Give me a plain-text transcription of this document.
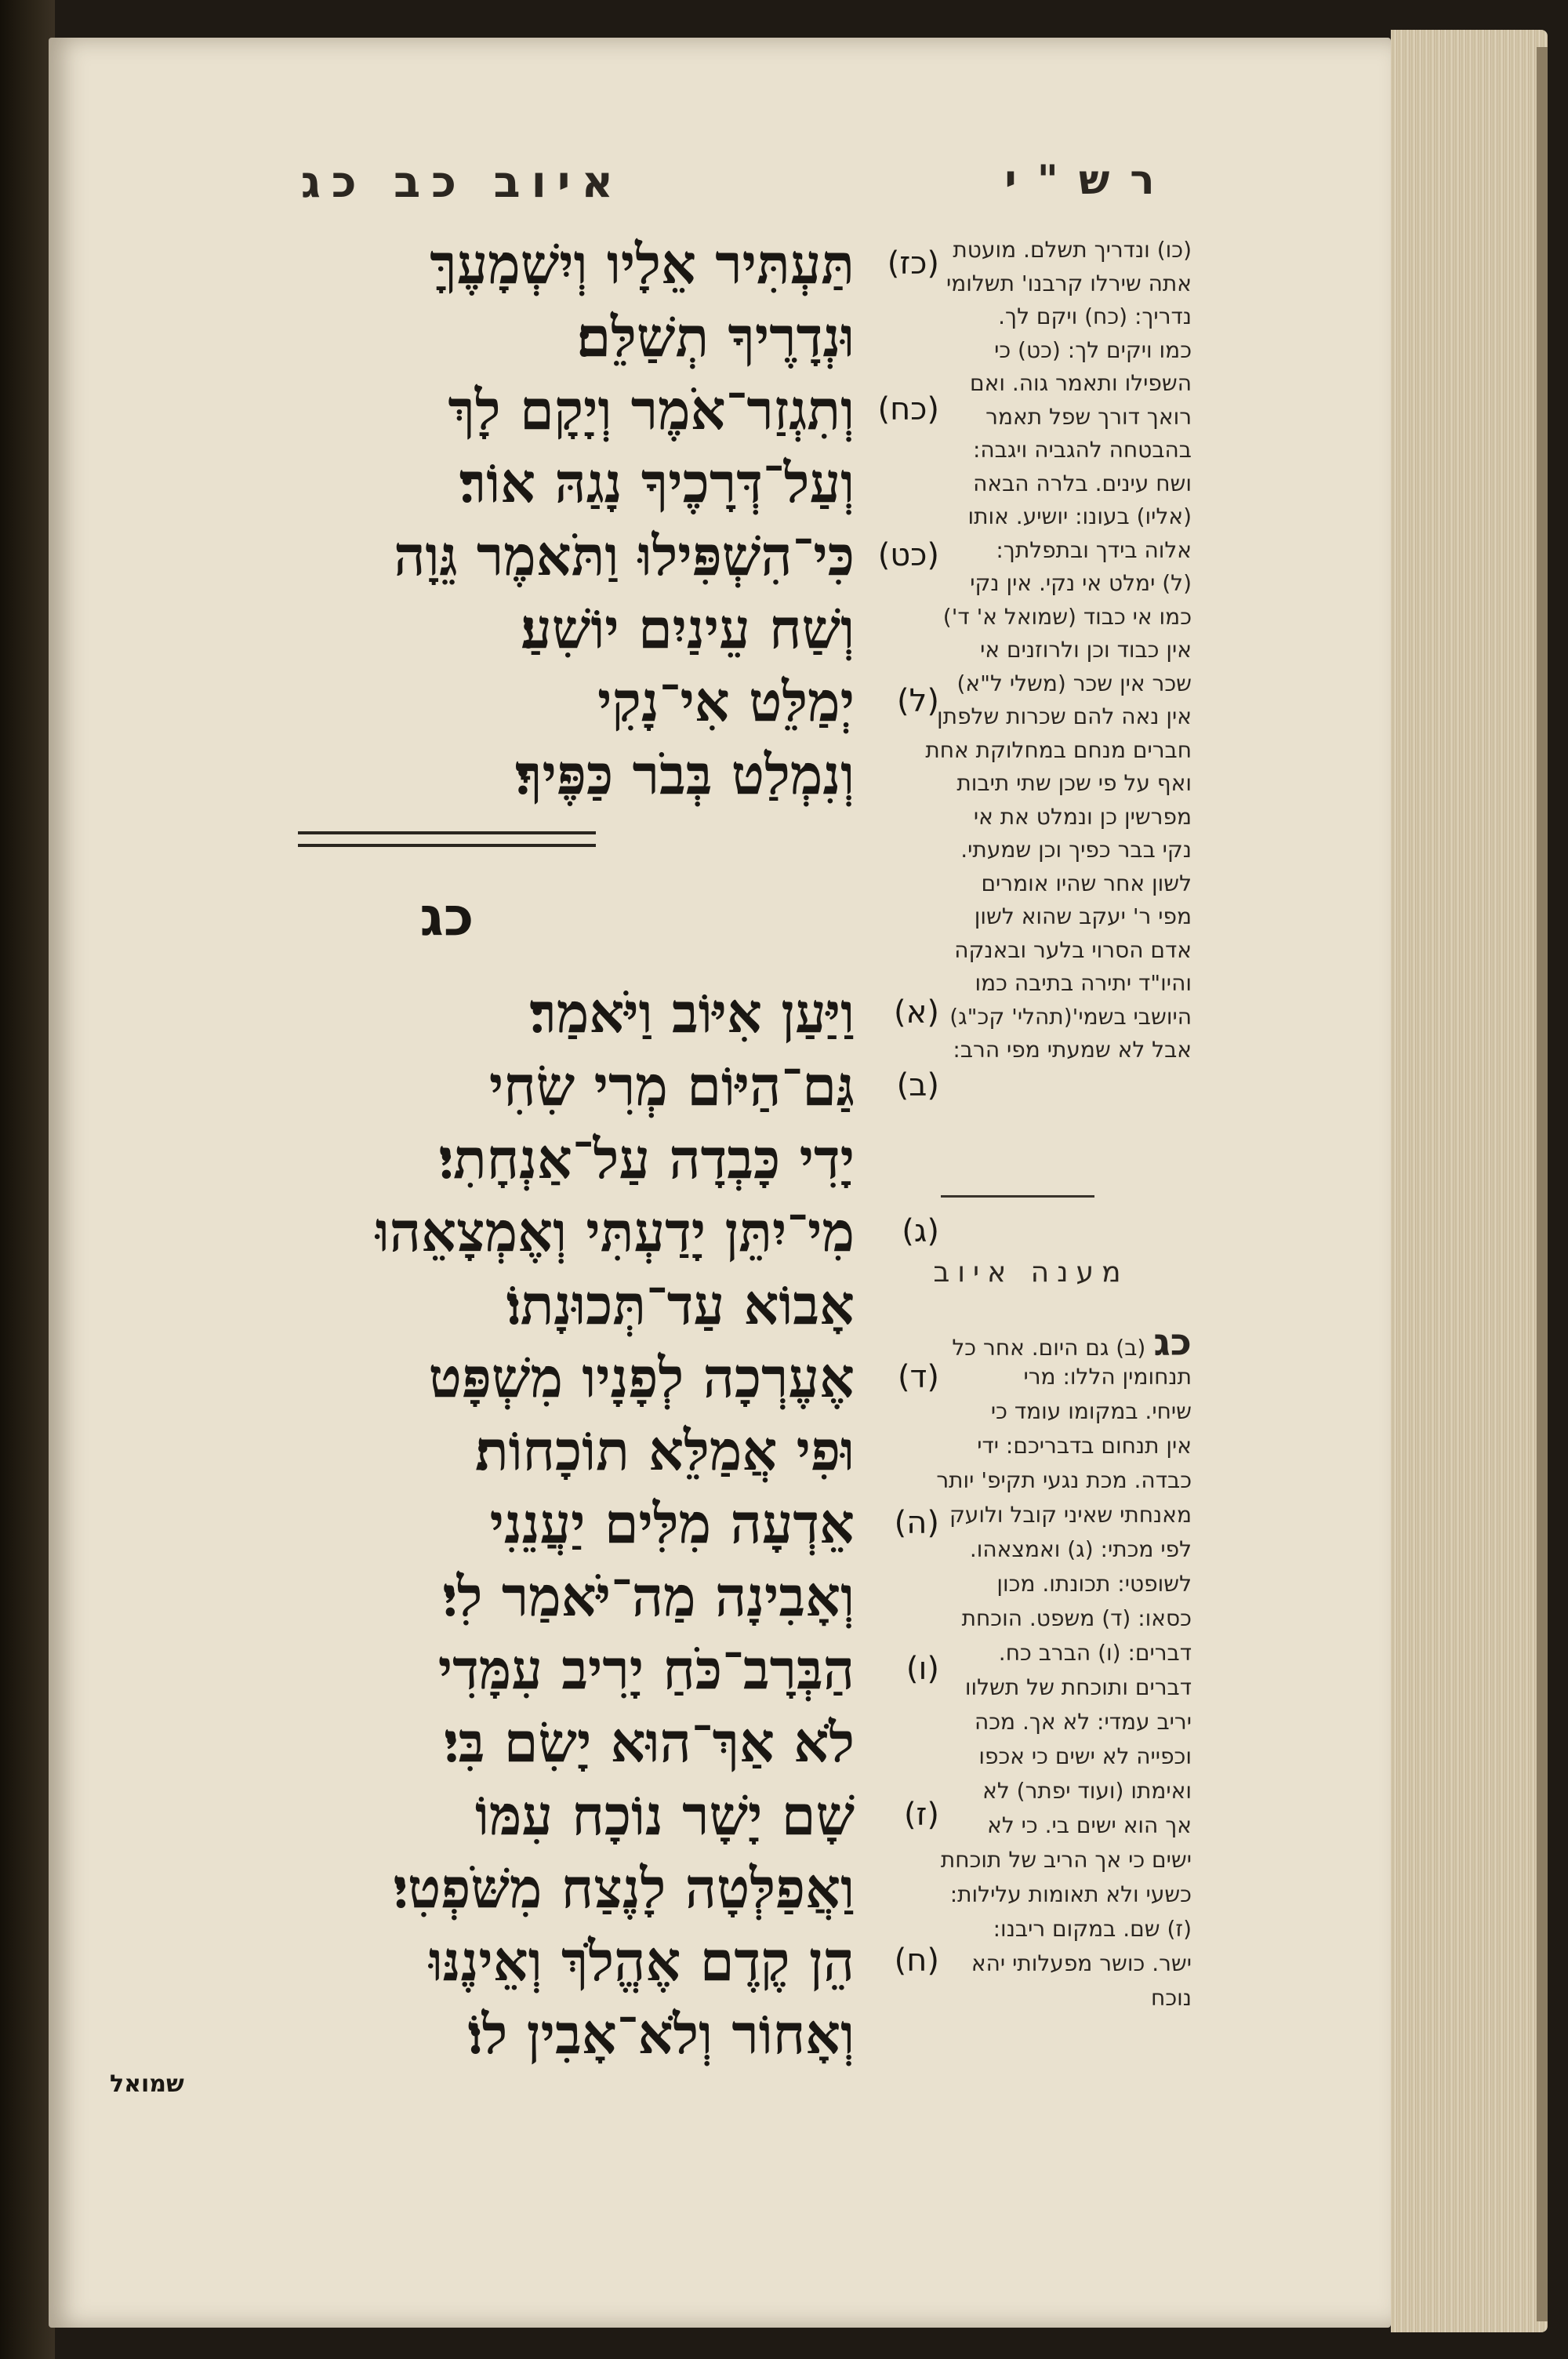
רש"י
איוב כב כג
(כז)
תַּעְתִּיר אֵלָיו וְיִשְׁמָעֶךָּ
וּנְדָרֶיךָ תְשַׁלֵּם׃
(כח)
וְתִגְזַר־אֹמֶר וְיָקָם לָךְ
וְעַל־דְּרָכֶיךָ נָגַהּ אוֹר׃
(כט)
כִּי־הִשְׁפִּילוּ וַתֹּאמֶר גֵּוָה
וְשַׁח עֵינַיִם יוֹשִׁעַ׃
(ל)
יְמַלֵּט אִי־נָקִי
וְנִמְלַט בְּבֹר כַּפֶּיךָ׃
כג
(א)
וַיַּעַן אִיּוֹב וַיֹּאמַר׃
(ב)
גַּם־הַיּוֹם מְרִי שִׂחִי
יָדִי כָּבְדָה עַל־אַנְחָתִי׃
(ג)
מִי־יִתֵּן יָדַעְתִּי וְאֶמְצָאֵהוּ
אָבוֹא עַד־תְּכוּנָתוֹ׃
(ד)
אֶעֶרְכָה לְפָנָיו מִשְׁפָּט
וּפִי אֲמַלֵּא תוֹכָחוֹת׃
(ה)
אֵדְעָה מִלִּים יַעֲנֵנִי
וְאָבִינָה מַה־יֹּאמַר לִי׃
(ו)
הַבְּרָב־כֹּחַ יָרִיב עִמָּדִי
לֹא אַךְ־הוּא יָשִׂם בִּי׃
(ז)
שָׁם יָשָׁר נוֹכָח עִמּוֹ
וַאֲפַלְּטָה לָנֶצַח מִשֹּׁפְטִי׃
(ח)
הֵן קֶדֶם אֶהֱלֹךְ וְאֵינֶנּוּ
וְאָחוֹר וְלֹא־אָבִין לוֹ׃
(כו) ונדריך תשלם. מועטת
אתה שירלו קרבנו' תשלומי
נדריך: (כח) ויקם לך.
כמו ויקים לך: (כט) כי
השפילו ותאמר גוה. ואם
רואך דורך שפל תאמר
בהבטחה להגביה ויגבה:
ושח עינים. בלרה הבאה
(אליו) בעונו: יושיע. אותו
אלוה בידך ובתפלתך:
(ל) ימלט אי נקי. אין נקי
כמו אי כבוד (שמואל א' ד')
אין כבוד וכן ולרוזנים אי
שכר אין שכר (משלי ל"א)
אין נאה להם שכרות שלפתן
חברים מנחם במחלוקת אחת
ואף על פי שכן שתי תיבות
מפרשין כן ונמלט את אי
נקי בבר כפיך וכן שמעתי.
לשון אחר שהיו אומרים
מפי ר' יעקב שהוא לשון
אדם הסרוי בלער ובאנקה
והיו"ד יתירה בתיבה כמו
היושבי בשמי'(תהלי' קכ"ג)
אבל לא שמעתי מפי הרב:
מענה איוב
כג(ב) גם היום. אחר כל
תנחומין הללו: מרי
שיחי. במקומו עומד כי
אין תנחום בדבריכם: ידי
כבדה. מכת נגעי תקיפ' יותר
מאנחתי שאיני קובל ולועק
לפי מכתי: (ג) ואמצאהו.
לשופטי: תכונתו. מכון
כסאו: (ד) משפט. הוכחת
דברים: (ו) הברב כח.
דברים ותוכחת של תשלוו
יריב עמדי: לא אך. מכה
וכפייה לא ישים כי אכפו
ואימתו (ועוד יפתר) לא
אך הוא ישים בי. כי לא
ישים כי אך הריב של תוכחת
כשעי ולא תאומות עלילות:
(ז) שם. במקום ריבנו:
ישר. כושר מפעלותי יהא
נוכח
שמואל
